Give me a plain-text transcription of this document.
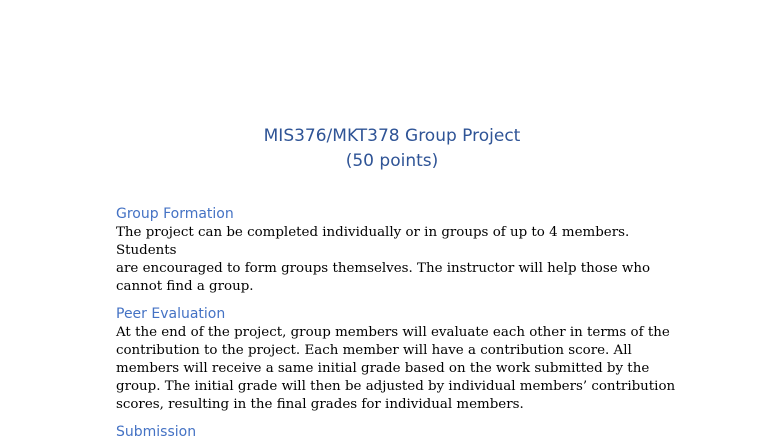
MIS376/MKT378 Group Project
(50 points)

Group Formation

The project can be completed individually or in groups of up to 4 members. Students

are encouraged to form groups themselves. The instructor will help those who

cannot find a group.

Peer Evaluation

At the end of the project, group members will evaluate each other in terms of the

contribution to the project. Each member will have a contribution score. All

members will receive a same initial grade based on the work submitted by the

group. The initial grade will then be adjusted by individual members’ contribution

scores, resulting in the final grades for individual members.

Submission
